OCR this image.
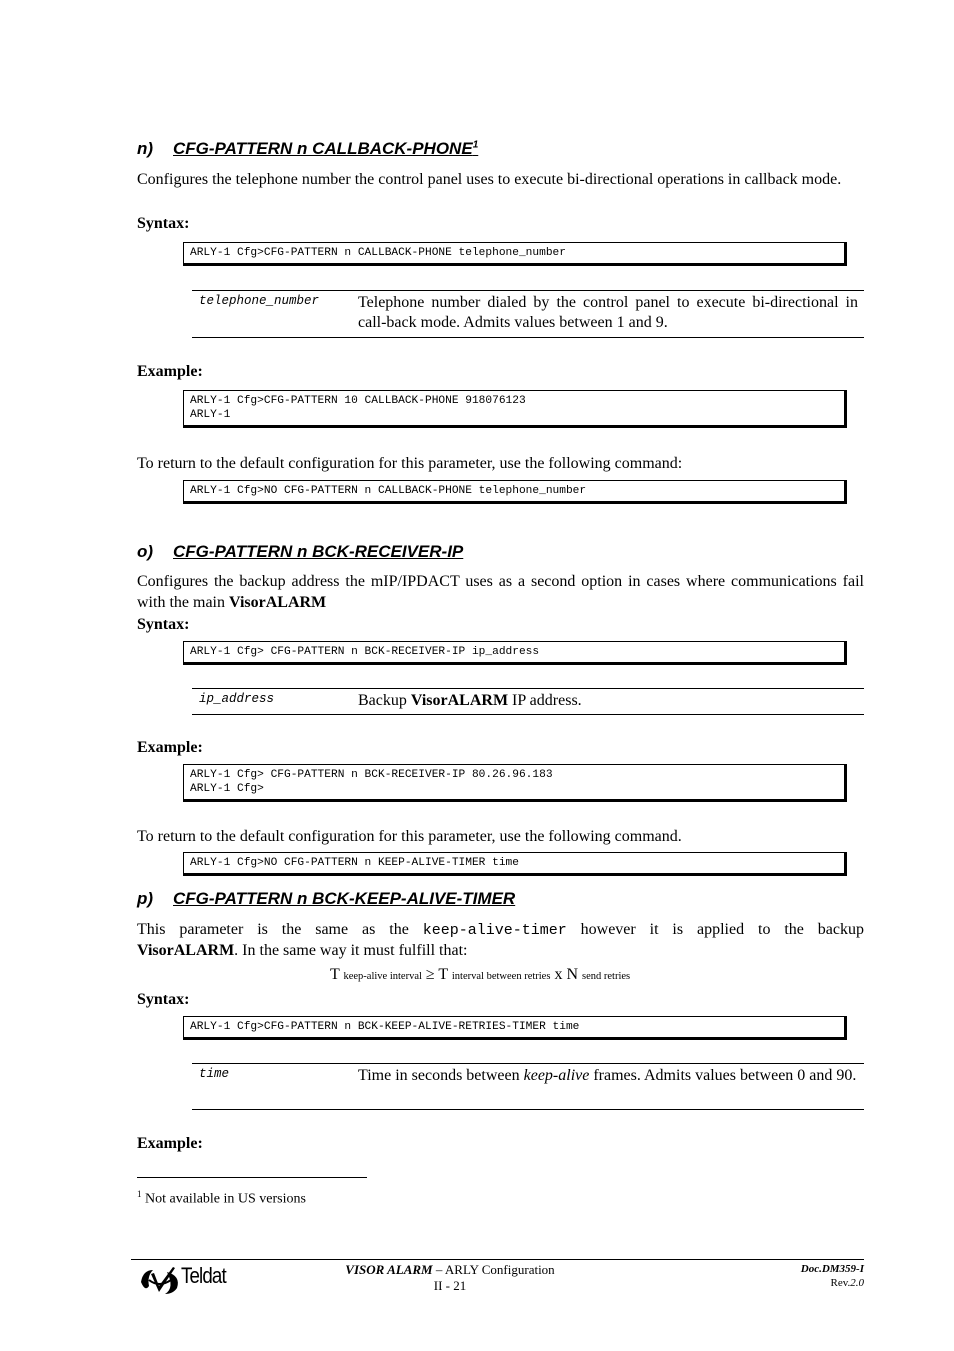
n) CFG-PATTERN n CALLBACK-PHONE$^1$
Configures the telephone number the control panel uses to execute bi-directional operations in callback mode.
Syntax:
ARLY-1 Cfg>CFG-PATTERN n CALLBACK-PHONE telephone_number
telephone_number Telephone number dialed by the control panel to execute bi-directional in call-back mode. Admits values between 1 and 9.
Example:
ARLY-1 Cfg>CFG-PATTERN 10 CALLBACK-PHONE 918076123
ARLY-1
To return to the default configuration for this parameter, use the following command:
ARLY-1 Cfg>NO CFG-PATTERN n CALLBACK-PHONE telephone_number
o) CFG-PATTERN n BCK-RECEIVER-IP
Configures the backup address the mIP/IPDACT uses as a second option in cases where communications fail with the main VisorALARM
Syntax:
ARLY-1 Cfg> CFG-PATTERN n BCK-RECEIVER-IP ip_address
ip_address	Backup VisorALARM IP address.
Example:
ARLY-1 Cfg> CFG-PATTERN n BCK-RECEIVER-IP 80.26.96.183
ARLY-1 Cfg>
To return to the default configuration for this parameter, use the following command.
ARLY-1 Cfg>NO CFG-PATTERN n KEEP-ALIVE-TIMER time
p) CFG-PATTERN n BCK-KEEP-ALIVE-TIMER
This parameter is the same as the keep-alive-timer however it is applied to the backup
VisorALARM. In the same way it must fulfill that:
T keep-alive interval ≥ T interval between retries x N send retries
Syntax:
ARLY-1 Cfg>CFG-PATTERN n BCK-KEEP-ALIVE-RETRIES-TIMER time
time	Time in seconds between keep-alive frames. Admits values between 0 and 90.
Example:
$^1$ Not available in US versions
Teldat	VISOR ALARM – ARLY Configuration
II - 21
Doc.DM359-I
Rev.2.0
